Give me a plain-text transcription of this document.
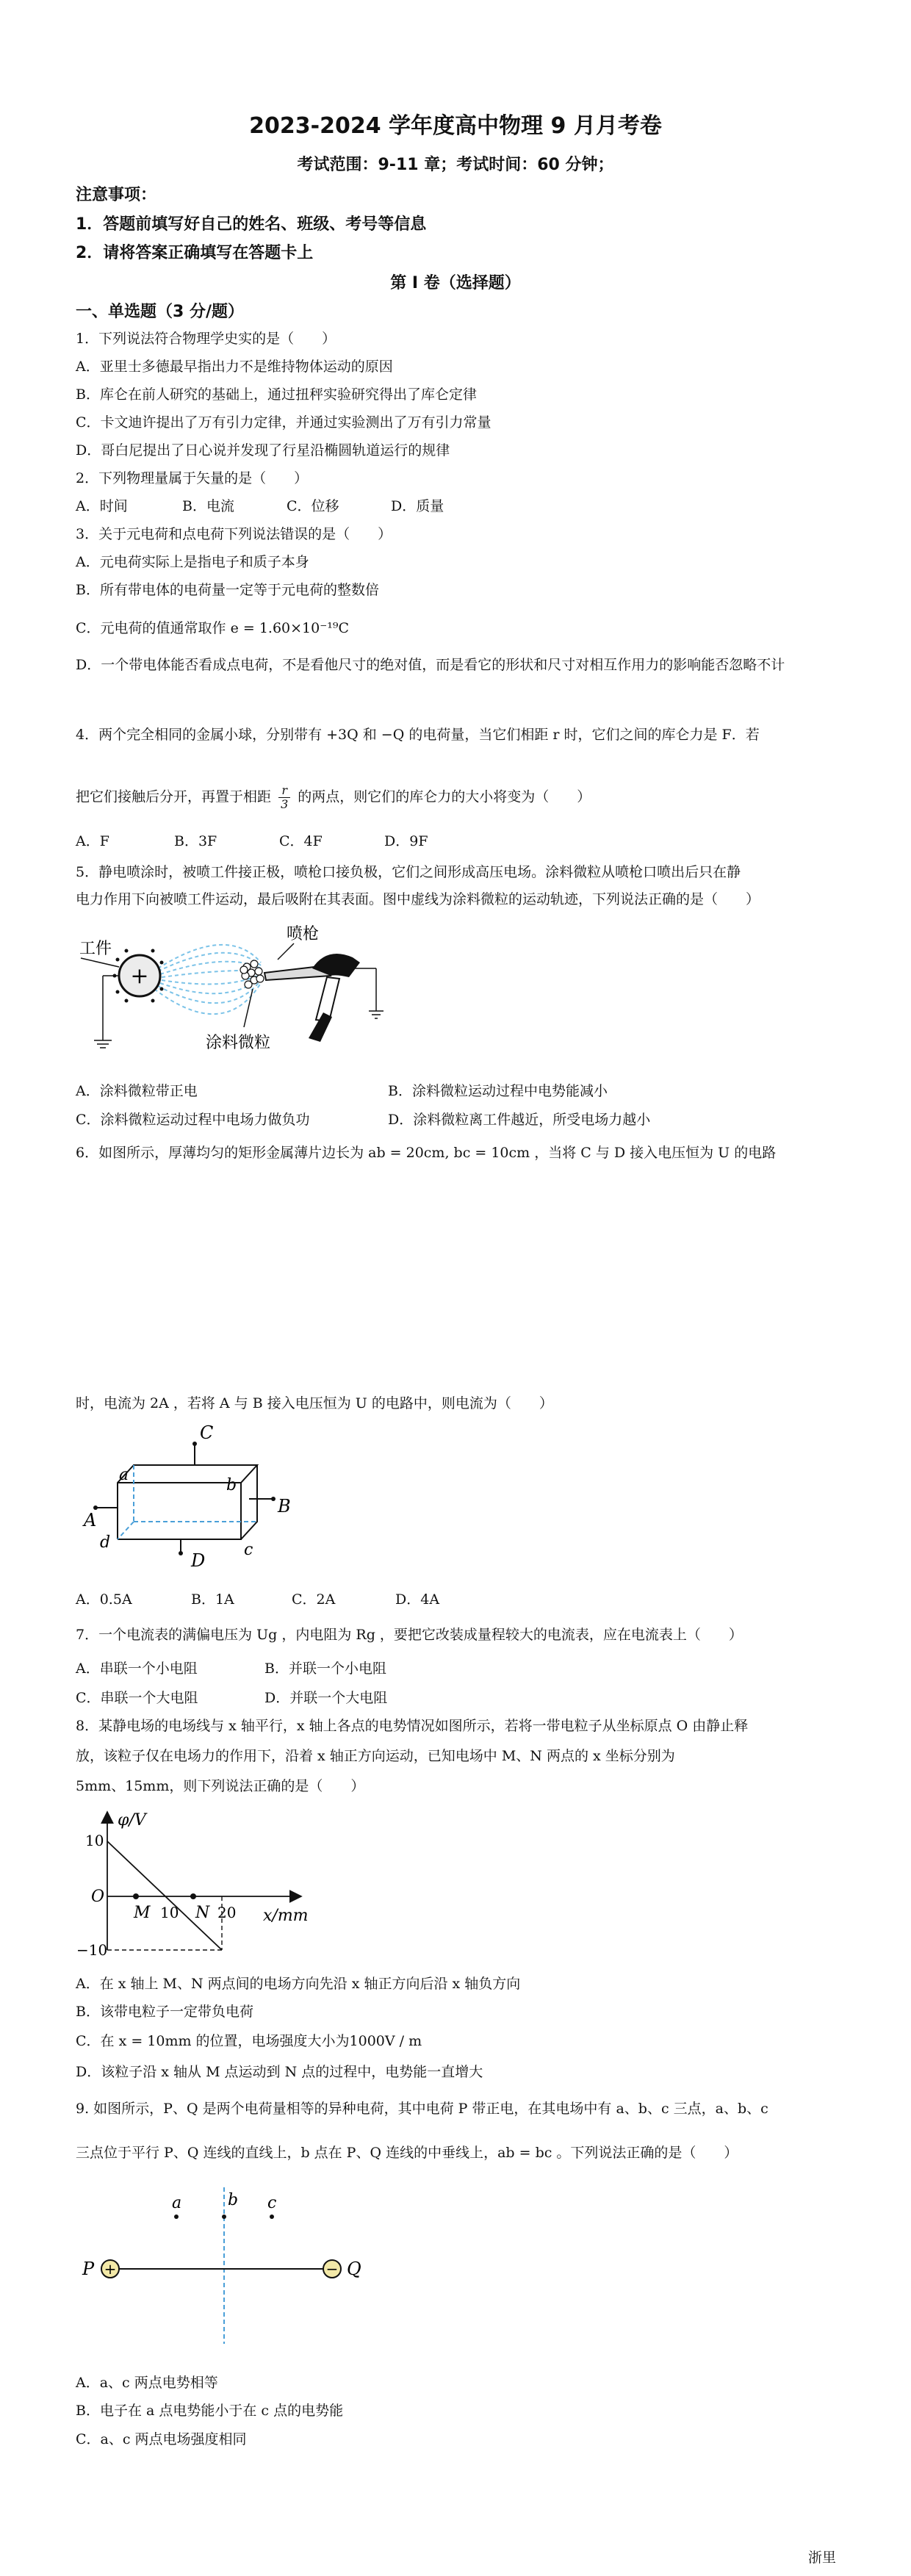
2023-2024 学年度高中物理 9 月月考卷
考试范围：9-11 章；考试时间：60 分钟；
注意事项：
1．答题前填写好自己的姓名、班级、考号等信息
2．请将答案正确填写在答题卡上
第 I 卷（选择题）
一、单选题（3 分/题）
1．下列说法符合物理学史实的是（　　）
A．亚里士多德最早指出力不是维持物体运动的原因
B．库仑在前人研究的基础上，通过扭秤实验研究得出了库仑定律
C．卡文迪许提出了万有引力定律，并通过实验测出了万有引力常量
D．哥白尼提出了日心说并发现了行星沿椭圆轨道运行的规律
2．下列物理量属于矢量的是（　　）
A．时间	B．电流	C．位移	D．质量
3．关于元电荷和点电荷下列说法错误的是（　　）
A．元电荷实际上是指电子和质子本身
B．所有带电体的电荷量一定等于元电荷的整数倍
C．元电荷的值通常取作 e = 1.60×10⁻¹⁹C
D．一个带电体能否看成点电荷，不是看他尺寸的绝对值，而是看它的形状和尺寸对相互作用力的影响能否忽略不计
4．两个完全相同的金属小球，分别带有 +3Q 和 −Q 的电荷量，当它们相距 r 时，它们之间的库仑力是 F．若
把它们接触后分开，再置于相距 $\frac{r}{3}$ 的两点，则它们的库仑力的大小将变为（　　）
A．F	B．3F	C．4F	D．9F
5．静电喷涂时，被喷工件接正极，喷枪口接负极，它们之间形成高压电场。涂料微粒从喷枪口喷出后只在静
电力作用下向被喷工件运动，最后吸附在其表面。图中虚线为涂料微粒的运动轨迹，下列说法正确的是（　　）
工件
+
喷枪
涂料微粒
A．涂料微粒带正电	B．涂料微粒运动过程中电势能减小
C．涂料微粒运动过程中电场力做负功	D．涂料微粒离工件越近，所受电场力越小
6．如图所示，厚薄均匀的矩形金属薄片边长为 ab = 20cm, bc = 10cm ，当将 C 与 D 接入电压恒为 U 的电路
时，电流为 2A ，若将 A 与 B 接入电压恒为 U 的电路中，则电流为（　　）
C
D
A
B
a
b
c
d
A．0.5A	B．1A	C．2A	D．4A
7．一个电流表的满偏电压为 Ug ，内电阻为 Rg ，要把它改装成量程较大的电流表，应在电流表上（　　）
A．串联一个小电阻	B．并联一个小电阻
C．串联一个大电阻	D．并联一个大电阻
8．某静电场的电场线与 x 轴平行，x 轴上各点的电势情况如图所示，若将一带电粒子从坐标原点 O 由静止释
放，该粒子仅在电场力的作用下，沿着 x 轴正方向运动，已知电场中 M、N 两点的 x 坐标分别为
5mm、15mm，则下列说法正确的是（　　）
φ/V
x/mm
O
10
−10
10	20
M	N
A．在 x 轴上 M、N 两点间的电场方向先沿 x 轴正方向后沿 x 轴负方向
B．该带电粒子一定带负电荷
C．在 x = 10mm 的位置，电场强度大小为1000V / m
D．该粒子沿 x 轴从 M 点运动到 N 点的过程中，电势能一直增大
9. 如图所示，P、Q 是两个电荷量相等的异种电荷，其中电荷 P 带正电，在其电场中有 a、b、c 三点，a、b、c
三点位于平行 P、Q 连线的直线上，b 点在 P、Q 连线的中垂线上，ab = bc 。下列说法正确的是（　　）
+	−
P	Q
a	b c
A．a、c 两点电势相等
B．电子在 a 点电势能小于在 c 点的电势能
C．a、c 两点电场强度相同
浙里
